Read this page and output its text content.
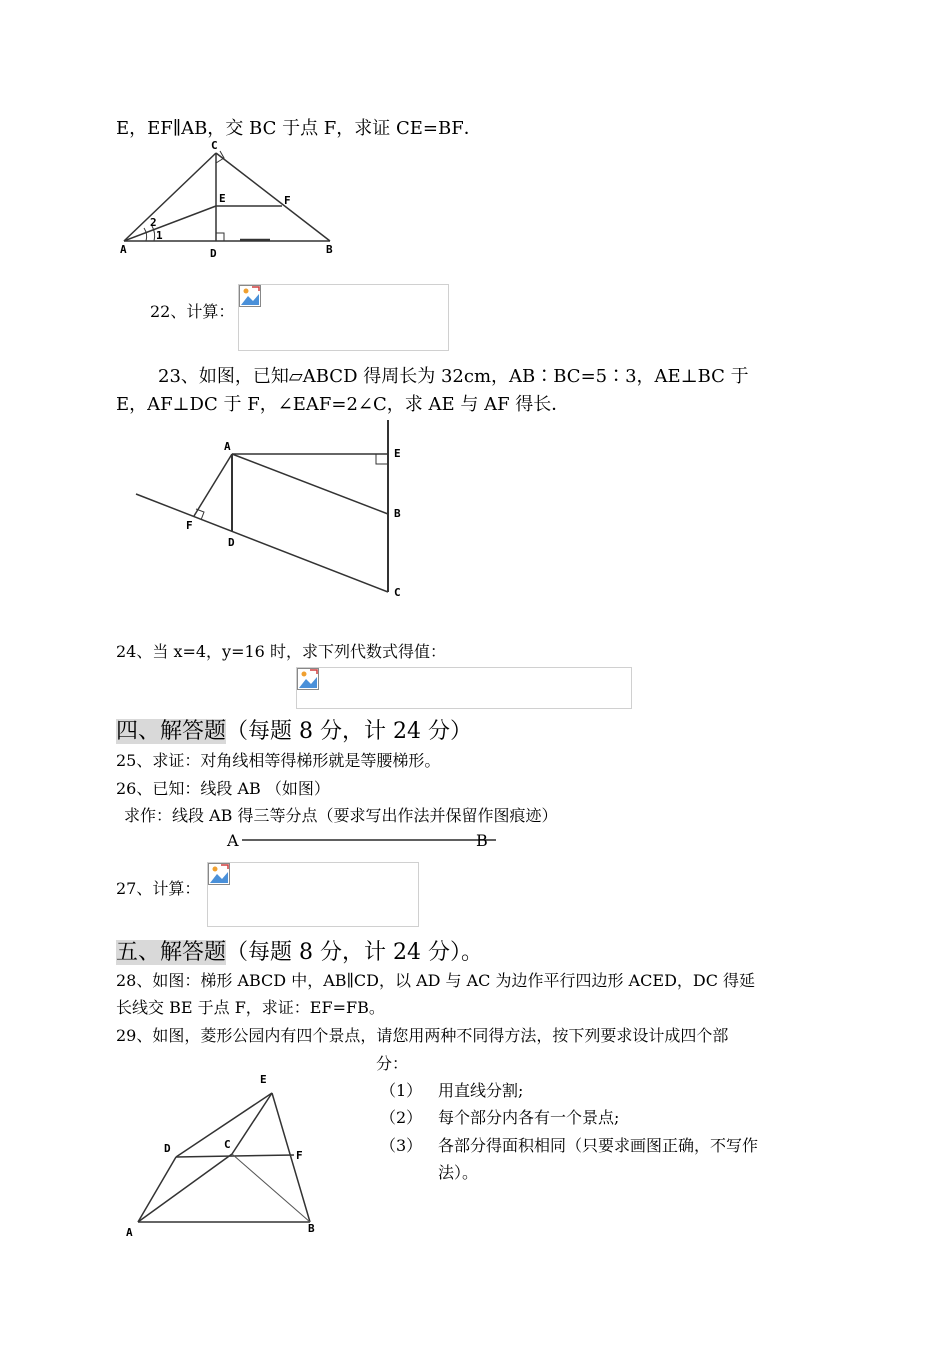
E，EF∥AB，交 BC 于点 F，求证 CE=BF．
C
E	F
A	D	B
2
1
22、计算：
23、如图，已知▱ABCD 得周长为 32cm，AB∶BC=5∶3，AE⊥BC 于
E，AF⊥DC 于 F，∠EAF=2∠C，求 AE 与 AF 得长．
A
E
B
F
D
C
24、当 x=4，y=16 时，求下列代数式得值：
四、解答题（每题 8 分，计 24 分）
25、求证：对角线相等得梯形就是等腰梯形。
26、已知：线段 AB （如图）
求作：线段 AB 得三等分点（要求写出作法并保留作图痕迹）
A	B
27、计算：
五、解答题（每题 8 分，计 24 分）。
28、如图：梯形 ABCD 中，AB∥CD，以 AD 与 AC 为边作平行四边形 ACED，DC 得延
长线交 BE 于点 F，求证：EF=FB。
29、如图，菱形公园内有四个景点，请您用两种不同得方法，按下列要求设计成四个部
分：
（1） 用直线分割;
（2） 每个部分内各有一个景点;
（3） 各部分得面积相同（只要求画图正确，不写作
法）。
E
D	C
F
A	B
